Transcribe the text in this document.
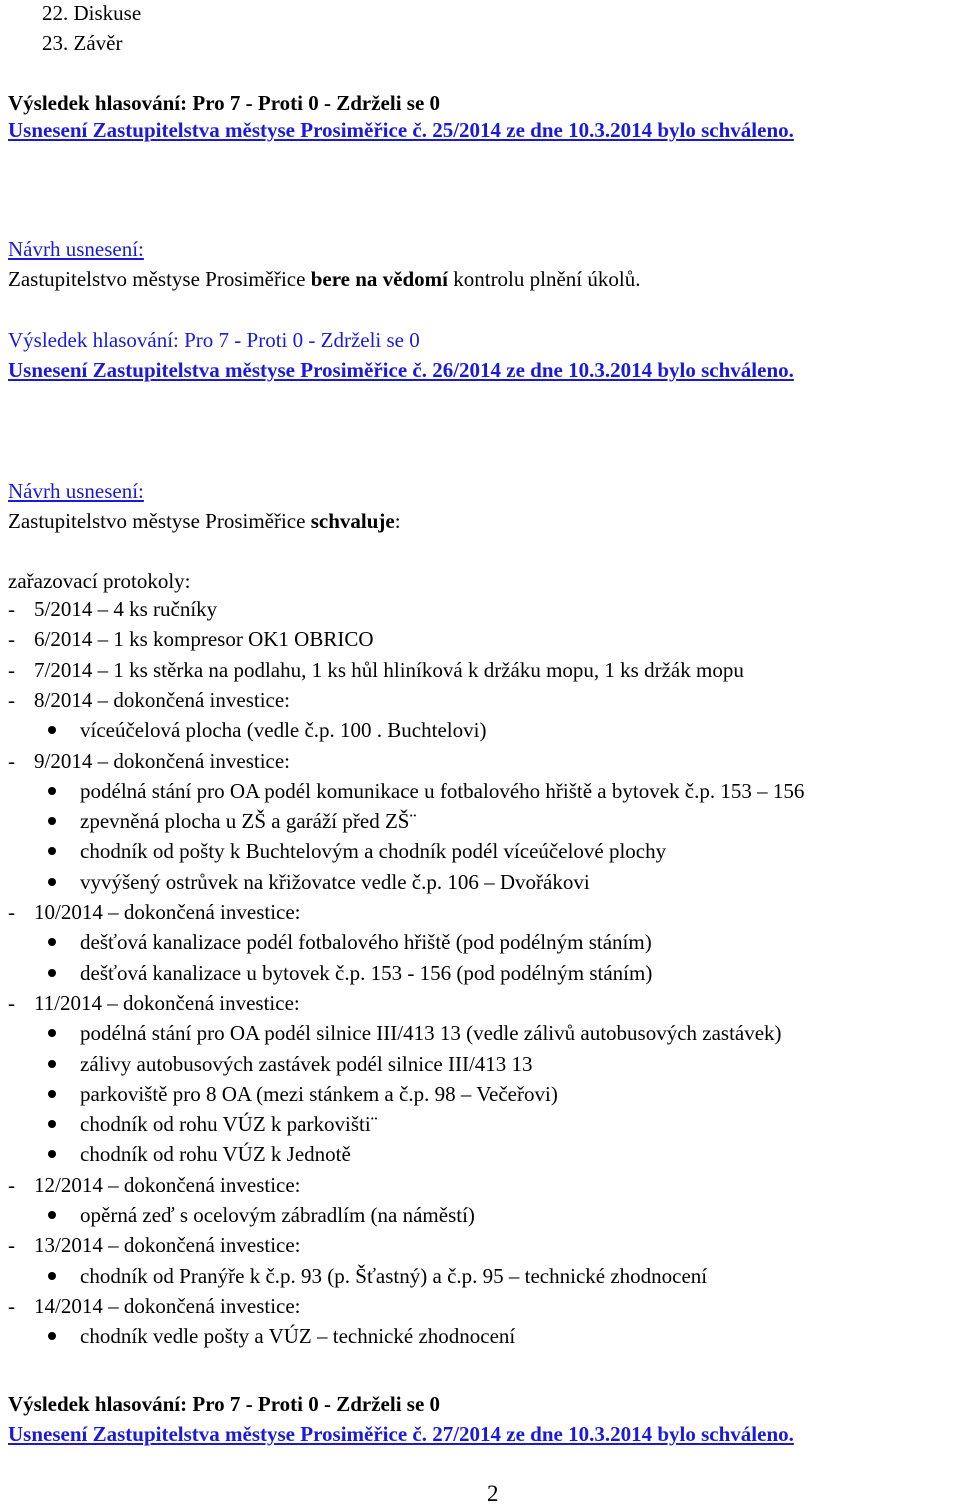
22. Diskuse
23. Závěr
Výsledek hlasování: Pro 7 - Proti 0 - Zdrželi se 0
Usnesení Zastupitelstva městyse Prosiměřice č. 25/2014 ze dne 10.3.2014 bylo schváleno.
Návrh usnesení:
Zastupitelstvo městyse Prosiměřice bere na vědomí kontrolu plnění úkolů.
Výsledek hlasování: Pro 7 - Proti 0 - Zdrželi se 0
Usnesení Zastupitelstva městyse Prosiměřice č. 26/2014 ze dne 10.3.2014 bylo schváleno.
Návrh usnesení:
Zastupitelstvo městyse Prosiměřice schvaluje:
zařazovací protokoly:
- 5/2014 – 4 ks ručníky
- 6/2014 – 1 ks kompresor OK1 OBRICO
- 7/2014 – 1 ks stěrka na podlahu, 1 ks hůl hliníková k držáku mopu, 1 ks držák mopu
- 8/2014 – dokončená investice:
víceúčelová plocha (vedle č.p. 100 . Buchtelovi)
- 9/2014 – dokončená investice:
podélná stání pro OA podél komunikace u fotbalového hřiště a bytovek č.p. 153 – 156
zpevněná plocha u ZŠ a garáží před ZŠ¨
chodník od pošty k Buchtelovým a chodník podél víceúčelové plochy
vyvýšený ostrůvek na křižovatce vedle č.p. 106 – Dvořákovi
- 10/2014 – dokončená investice:
dešťová kanalizace podél fotbalového hřiště (pod podélným stáním)
dešťová kanalizace u bytovek č.p. 153 - 156 (pod podélným stáním)
- 11/2014 – dokončená investice:
podélná stání pro OA podél silnice III/413 13 (vedle zálivů autobusových zastávek)
zálivy autobusových zastávek podél silnice III/413 13
parkoviště pro 8 OA (mezi stánkem a č.p. 98 – Večeřovi)
chodník od rohu VÚZ k parkovišti¨
chodník od rohu VÚZ k Jednotě
- 12/2014 – dokončená investice:
opěrná zeď s ocelovým zábradlím (na náměstí)
- 13/2014 – dokončená investice:
chodník od Pranýře k č.p. 93 (p. Šťastný) a č.p. 95 – technické zhodnocení
- 14/2014 – dokončená investice:
chodník vedle pošty a VÚZ – technické zhodnocení
Výsledek hlasování: Pro 7 - Proti 0 - Zdrželi se 0
Usnesení Zastupitelstva městyse Prosiměřice č. 27/2014 ze dne 10.3.2014 bylo schváleno.
2
